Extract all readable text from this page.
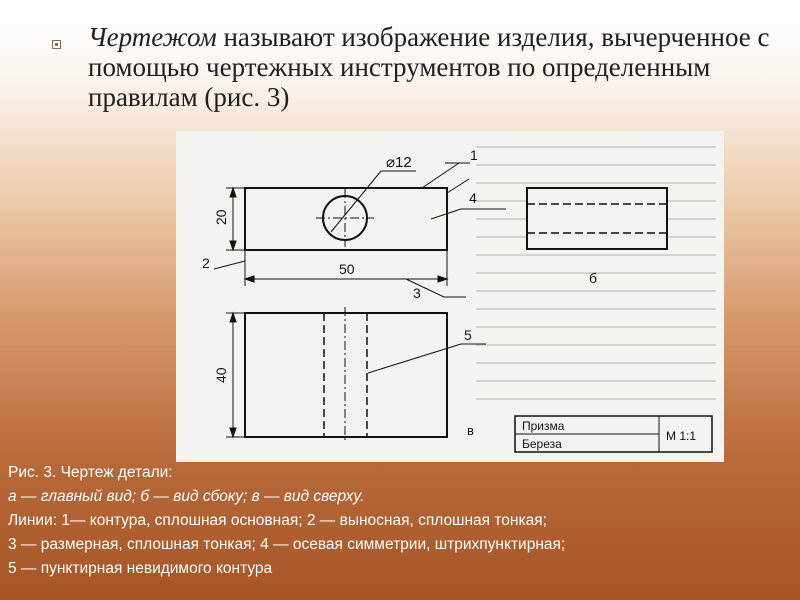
Чертежом называют изображение изделия, вычерченное с помощью чертежных инструментов по определенным правилам (рис. 3)
⌀12
20
50
1
4
2
3
б
5
40
в	Призма
Береза
М 1:1
Рис. 3. Чертеж детали:
а — главный вид; б — вид сбоку; в — вид сверху.
Линии: 1— контура, сплошная основная; 2 — выносная, сплошная тонкая;
3 — размерная, сплошная тонкая; 4 — осевая симметрии, штрихпунктирная;
5 — пунктирная невидимого контура
